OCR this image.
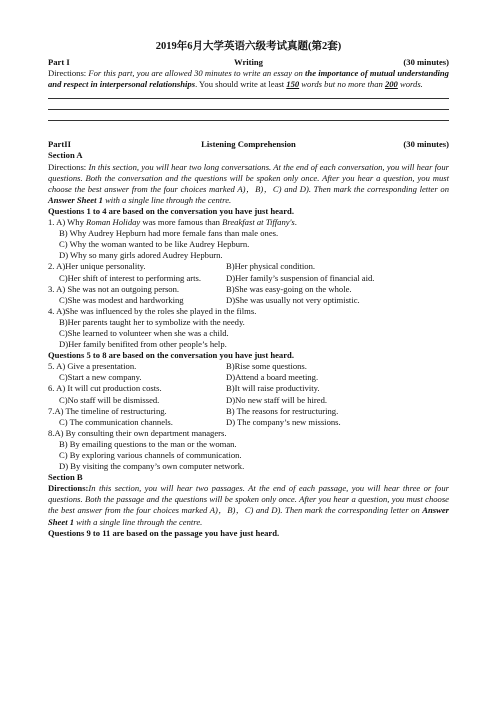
2019年6月大学英语六级考试真题(第2套)
Part I	Writing	(30 minutes)
Directions: For this part, you are allowed 30 minutes to write an essay on the importance of mutual understanding and respect in interpersonal relationships. You should write at least 150 words but no more than 200 words.
PartII	Listening Comprehension	(30 minutes)
Section A
Directions: In this section, you will hear two long conversations. At the end of each conversation, you will hear four questions. Both the conversation and the questions will be spoken only once. After you hear a question, you must choose the best answer from the four choices marked A)，B)，C) and D). Then mark the corresponding letter on Answer Sheet 1 with a single line through the centre.
Questions 1 to 4 are based on the conversation you have just heard.
1. A) Why Roman Holiday was more famous than Breakfast at Tiffany's.
B) Why Audrey Hepburn had more female fans than male ones.
C) Why the woman wanted to be like Audrey Hepburn.
D) Why so many girls adored Audrey Hepburn.
2. A)Her unique personality.	B)Her physical condition.
C)Her shift of interest to performing arts.	D)Her family’s suspension of financial aid.
3. A) She was not an outgoing person.	B)She was easy-going on the whole.
C)She was modest and hardworking	D)She was usually not very optimistic.
4. A)She was influenced by the roles she played in the films.
B)Her parents taught her to symbolize with the needy.
C)She learned to volunteer when she was a child.
D)Her family benifited from other people’s help.
Questions 5 to 8 are based on the conversation you have just heard.
5. A) Give a presentation.	B)Rise some questions.
C)Start a new company.	D)Attend a board meeting.
6. A) It will cut production costs.	B)It will raise productivity.
C)No staff will be dismissed.	D)No new staff will be hired.
7.A) The timeline of restructuring.	B) The reasons for restructuring.
C) The communication channels.	D) The company’s new missions.
8.A) By consulting their own department managers.
B) By emailing questions to the man or the woman.
C) By exploring various channels of communication.
D) By visiting the company’s own computer network.
Section B
Directions:In this section, you will hear two passages. At the end of each passage, you will hear three or four questions. Both the passage and the questions will be spoken only once. After you hear a question, you must choose the best answer from the four choices marked A)，B)，C) and D). Then mark the corresponding letter on Answer Sheet 1 with a single line through the centre.
Questions 9 to 11 are based on the passage you have just heard.
